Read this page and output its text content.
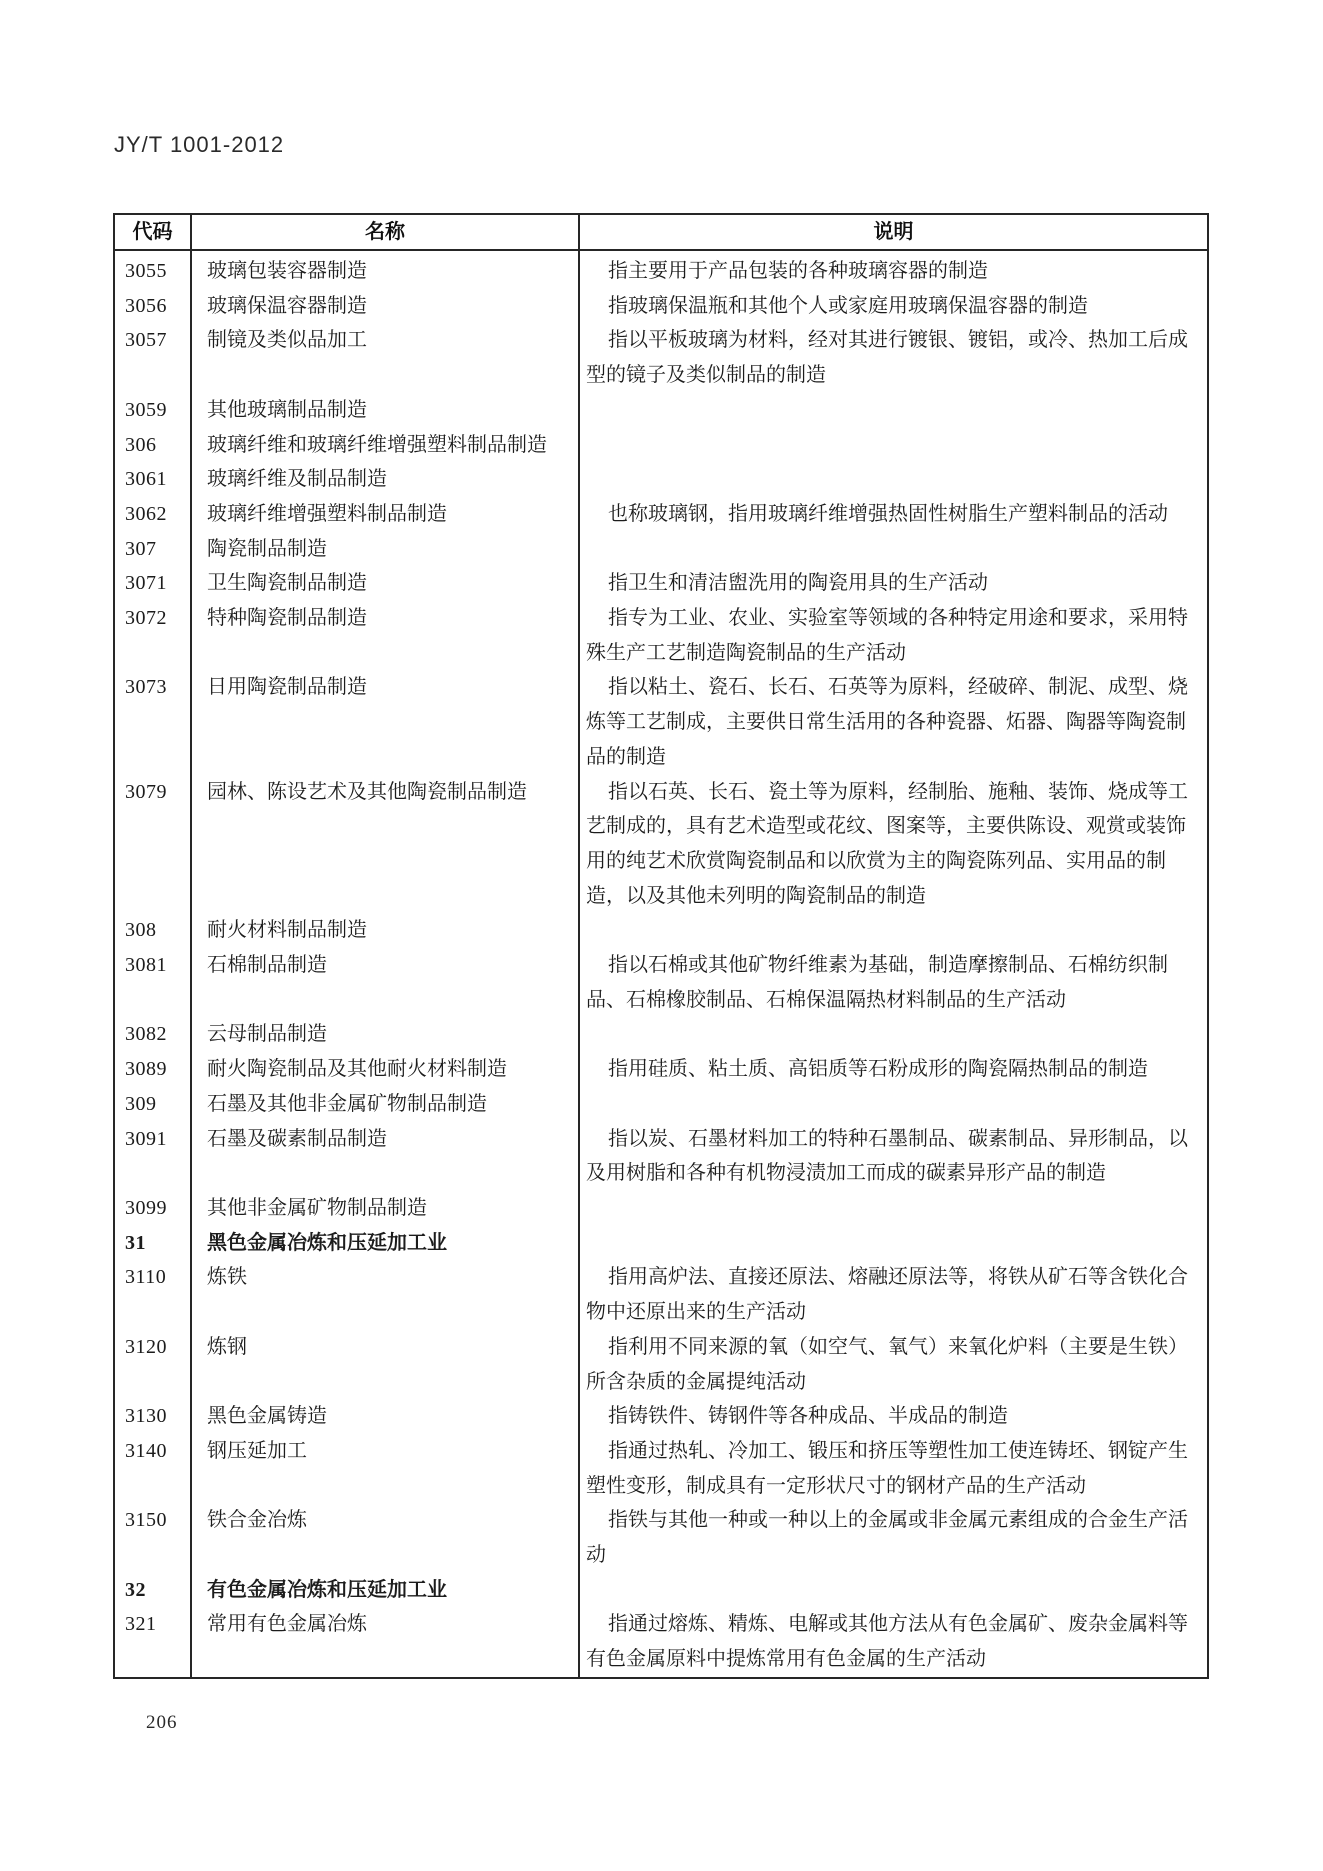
JY/T 1001-2012
代码	名称	说明
3055	玻璃包装容器制造	指主要用于产品包装的各种玻璃容器的制造
3056	玻璃保温容器制造	指玻璃保温瓶和其他个人或家庭用玻璃保温容器的制造
3057	制镜及类似品加工	指以平板玻璃为材料，经对其进行镀银、镀铝，或冷、热加工后成型的镜子及类似制品的制造
3059	其他玻璃制品制造	
306	玻璃纤维和玻璃纤维增强塑料制品制造	
3061	玻璃纤维及制品制造	
3062	玻璃纤维增强塑料制品制造	也称玻璃钢，指用玻璃纤维增强热固性树脂生产塑料制品的活动
307	陶瓷制品制造	
3071	卫生陶瓷制品制造	指卫生和清洁盥洗用的陶瓷用具的生产活动
3072	特种陶瓷制品制造	指专为工业、农业、实验室等领域的各种特定用途和要求，采用特殊生产工艺制造陶瓷制品的生产活动
3073	日用陶瓷制品制造	指以粘土、瓷石、长石、石英等为原料，经破碎、制泥、成型、烧炼等工艺制成，主要供日常生活用的各种瓷器、炻器、陶器等陶瓷制品的制造
3079	园林、陈设艺术及其他陶瓷制品制造	指以石英、长石、瓷土等为原料，经制胎、施釉、装饰、烧成等工艺制成的，具有艺术造型或花纹、图案等，主要供陈设、观赏或装饰用的纯艺术欣赏陶瓷制品和以欣赏为主的陶瓷陈列品、实用品的制造，以及其他未列明的陶瓷制品的制造
308	耐火材料制品制造	
3081	石棉制品制造	指以石棉或其他矿物纤维素为基础，制造摩擦制品、石棉纺织制品、石棉橡胶制品、石棉保温隔热材料制品的生产活动
3082	云母制品制造	
3089	耐火陶瓷制品及其他耐火材料制造	指用硅质、粘土质、高铝质等石粉成形的陶瓷隔热制品的制造
309	石墨及其他非金属矿物制品制造	
3091	石墨及碳素制品制造	指以炭、石墨材料加工的特种石墨制品、碳素制品、异形制品，以及用树脂和各种有机物浸渍加工而成的碳素异形产品的制造
3099	其他非金属矿物制品制造	
31	黑色金属冶炼和压延加工业	
3110	炼铁	指用高炉法、直接还原法、熔融还原法等，将铁从矿石等含铁化合物中还原出来的生产活动
3120	炼钢	指利用不同来源的氧（如空气、氧气）来氧化炉料（主要是生铁）所含杂质的金属提纯活动
3130	黑色金属铸造	指铸铁件、铸钢件等各种成品、半成品的制造
3140	钢压延加工	指通过热轧、冷加工、锻压和挤压等塑性加工使连铸坯、钢锭产生塑性变形，制成具有一定形状尺寸的钢材产品的生产活动
3150	铁合金冶炼	指铁与其他一种或一种以上的金属或非金属元素组成的合金生产活动
32	有色金属冶炼和压延加工业	
321	常用有色金属冶炼	指通过熔炼、精炼、电解或其他方法从有色金属矿、废杂金属料等有色金属原料中提炼常用有色金属的生产活动
206
